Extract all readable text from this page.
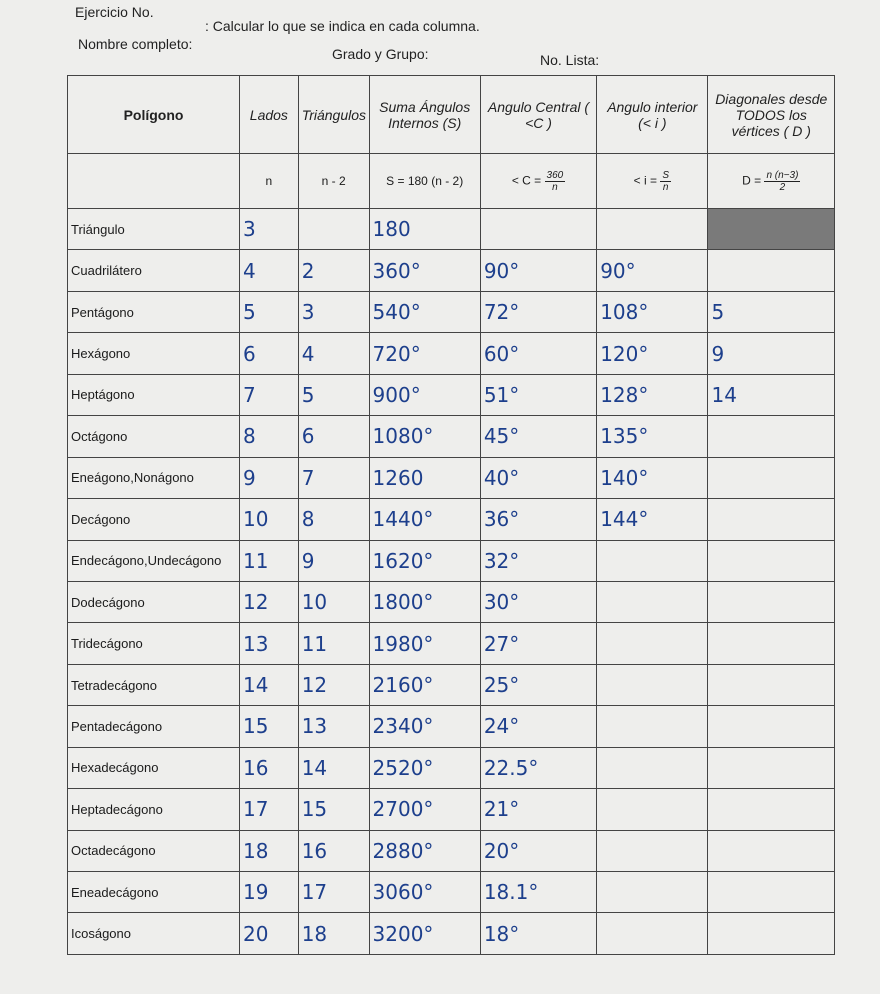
Ejercicio No.
: Calcular lo que se indica en cada columna.
Nombre completo:
Grado y Grupo:	No. Lista:
Polígono	Lados	Triángulos	Suma Ángulos Internos (S)	Angulo Central ( <C )	Angulo interior (< i )	Diagonales desde TODOS los vértices ( D )
	n	n - 2	S = 180 (n - 2)	< $C = \frac{360}{n}$	< $i = \frac{S}{n}$	$D = \frac{n (n-3)}{2}$

Triángulo	3		180			
Cuadrilátero	4	2	360°	90°	90°	
Pentágono	5	3	540°	72°	108°	5
Hexágono	6	4	720°	60°	120°	9
Heptágono	7	5	900°	51°	128°	14
Octágono	8	6	1080°	45°	135°	
Eneágono,Nonágono	9	7	1260	40°	140°	
Decágono	10	8	1440°	36°	144°	
Endecágono,Undecágono	11	9	1620°	32°		
Dodecágono	12	10	1800°	30°		
Tridecágono	13	11	1980°	27°		
Tetradecágono	14	12	2160°	25°		
Pentadecágono	15	13	2340°	24°		
Hexadecágono	16	14	2520°	22.5°		
Heptadecágono	17	15	2700°	21°		
Octadecágono	18	16	2880°	20°		
Eneadecágono	19	17	3060°	18.1°		
Icoságono	20	18	3200°	18°		
